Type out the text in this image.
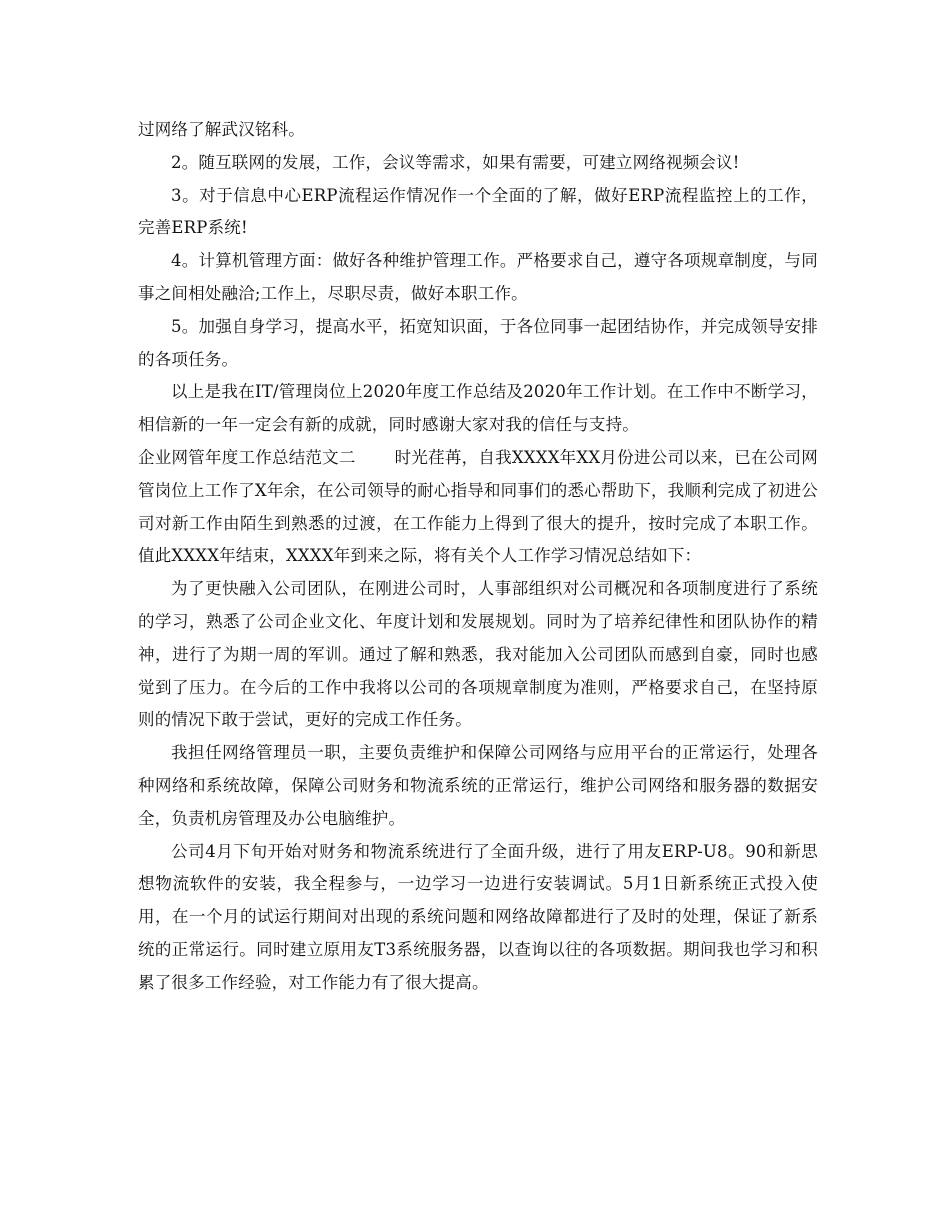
过网络了解武汉铭科。

2。随互联网的发展，工作，会议等需求，如果有需要，可建立网络视频会议!

3。对于信息中心ERP流程运作情况作一个全面的了解，做好ERP流程监控上的工作，完善ERP系统!

4。计算机管理方面：做好各种维护管理工作。严格要求自己，遵守各项规章制度，与同事之间相处融洽;工作上，尽职尽责，做好本职工作。

5。加强自身学习，提高水平，拓宽知识面，于各位同事一起团结协作，并完成领导安排的各项任务。

以上是我在IT/管理岗位上2020年度工作总结及2020年工作计划。在工作中不断学习，相信新的一年一定会有新的成就，同时感谢大家对我的信任与支持。

企业网管年度工作总结范文二　　 时光荏苒，自我XXXX年XX月份进公司以来，已在公司网管岗位上工作了X年余，在公司领导的耐心指导和同事们的悉心帮助下，我顺利完成了初进公司对新工作由陌生到熟悉的过渡，在工作能力上得到了很大的提升，按时完成了本职工作。值此XXXX年结束，XXXX年到来之际，将有关个人工作学习情况总结如下：

为了更快融入公司团队，在刚进公司时，人事部组织对公司概况和各项制度进行了系统的学习，熟悉了公司企业文化、年度计划和发展规划。同时为了培养纪律性和团队协作的精神，进行了为期一周的军训。通过了解和熟悉，我对能加入公司团队而感到自豪，同时也感觉到了压力。在今后的工作中我将以公司的各项规章制度为准则，严格要求自己，在坚持原则的情况下敢于尝试，更好的完成工作任务。

我担任网络管理员一职，主要负责维护和保障公司网络与应用平台的正常运行，处理各种网络和系统故障，保障公司财务和物流系统的正常运行，维护公司网络和服务器的数据安全，负责机房管理及办公电脑维护。

公司4月下旬开始对财务和物流系统进行了全面升级，进行了用友ERP-U8。90和新思想物流软件的安装，我全程参与，一边学习一边进行安装调试。5月1日新系统正式投入使用，在一个月的试运行期间对出现的系统问题和网络故障都进行了及时的处理，保证了新系统的正常运行。同时建立原用友T3系统服务器，以查询以往的各项数据。期间我也学习和积累了很多工作经验，对工作能力有了很大提高。
